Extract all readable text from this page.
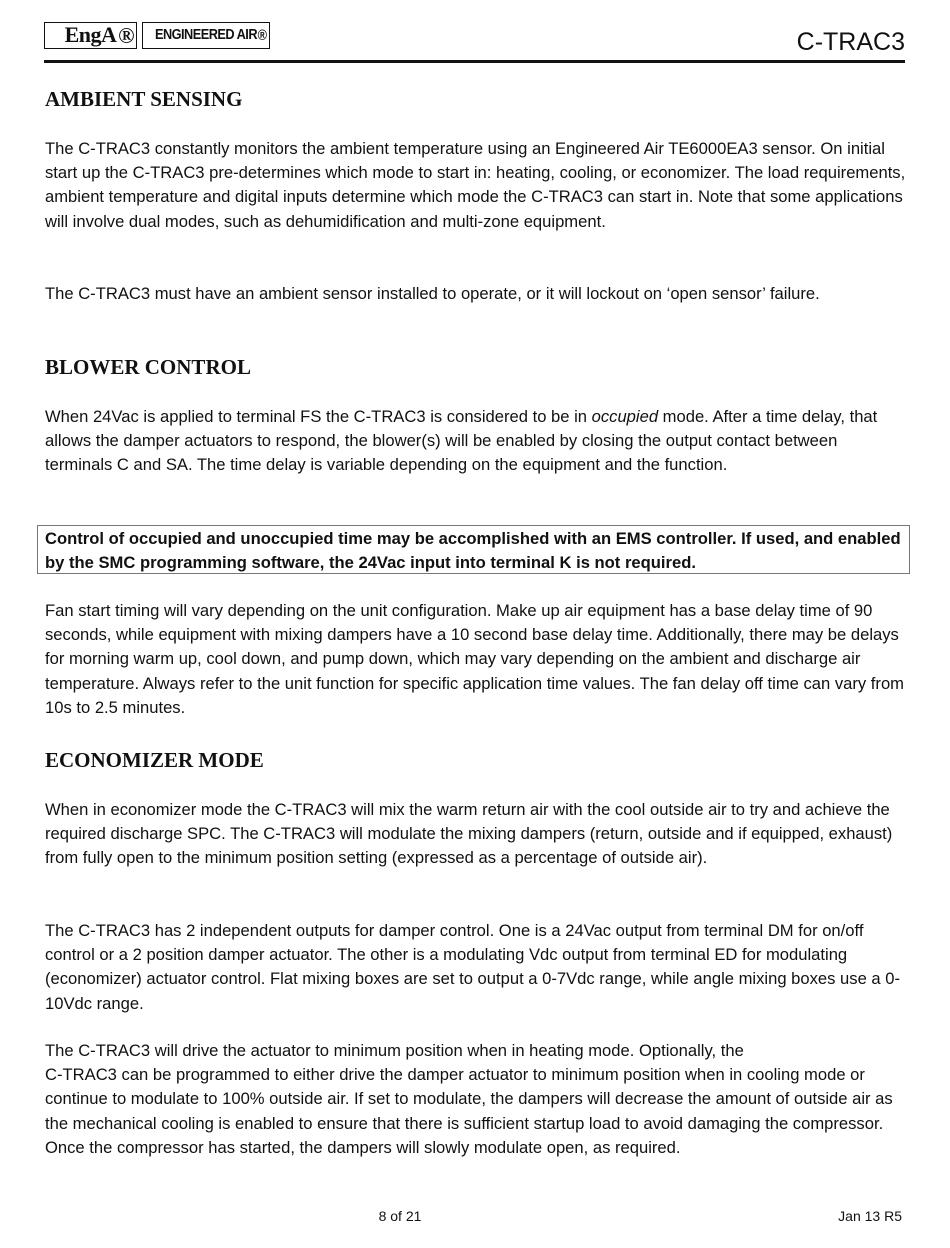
EngA ®	ENGINEERED AIR ®	C-TRAC3
AMBIENT SENSING

The C-TRAC3 constantly monitors the ambient temperature using an Engineered Air TE6000EA3 sensor. On initial start up the C-TRAC3 pre-determines which mode to start in: heating, cooling, or economizer. The load requirements, ambient temperature and digital inputs determine which mode the C-TRAC3 can start in. Note that some applications will involve dual modes, such as dehumidification and multi-zone equipment.

The C-TRAC3 must have an ambient sensor installed to operate, or it will lockout on ‘open sensor’ failure.

BLOWER CONTROL

When 24Vac is applied to terminal FS the C-TRAC3 is considered to be in occupied mode. After a time delay, that allows the damper actuators to respond, the blower(s) will be enabled by closing the output contact between terminals C and SA. The time delay is variable depending on the equipment and the function.

Fan start timing will vary depending on the unit configuration. Make up air equipment has a base delay time of 90 seconds, while equipment with mixing dampers have a 10 second base delay time. Additionally, there may be delays for morning warm up, cool down, and pump down, which may vary depending on the ambient and discharge air temperature. Always refer to the unit function for specific application time values. The fan delay off time can vary from 10s to 2.5 minutes.

ECONOMIZER MODE

When in economizer mode the C-TRAC3 will mix the warm return air with the cool outside air to try and achieve the required discharge SPC. The C-TRAC3 will modulate the mixing dampers (return, outside and if equipped, exhaust) from fully open to the minimum position setting (expressed as a percentage of outside air).

The C-TRAC3 has 2 independent outputs for damper control. One is a 24Vac output from terminal DM for on/off control or a 2 position damper actuator. The other is a modulating Vdc output from terminal ED for modulating (economizer) actuator control. Flat mixing boxes are set to output a 0-7Vdc range, while angle mixing boxes use a 0-10Vdc range.

The C-TRAC3 will drive the actuator to minimum position when in heating mode. Optionally, the
C-TRAC3 can be programmed to either drive the damper actuator to minimum position when in cooling mode or continue to modulate to 100% outside air. If set to modulate, the dampers will decrease the amount of outside air as the mechanical cooling is enabled to ensure that there is sufficient startup load to avoid damaging the compressor. Once the compressor has started, the dampers will slowly modulate open, as required.

Control of occupied and unoccupied time may be accomplished with an EMS controller. If used, and enabled by the SMC programming software, the 24Vac input into terminal K is not required.

8 of 21	Jan 13 R5
